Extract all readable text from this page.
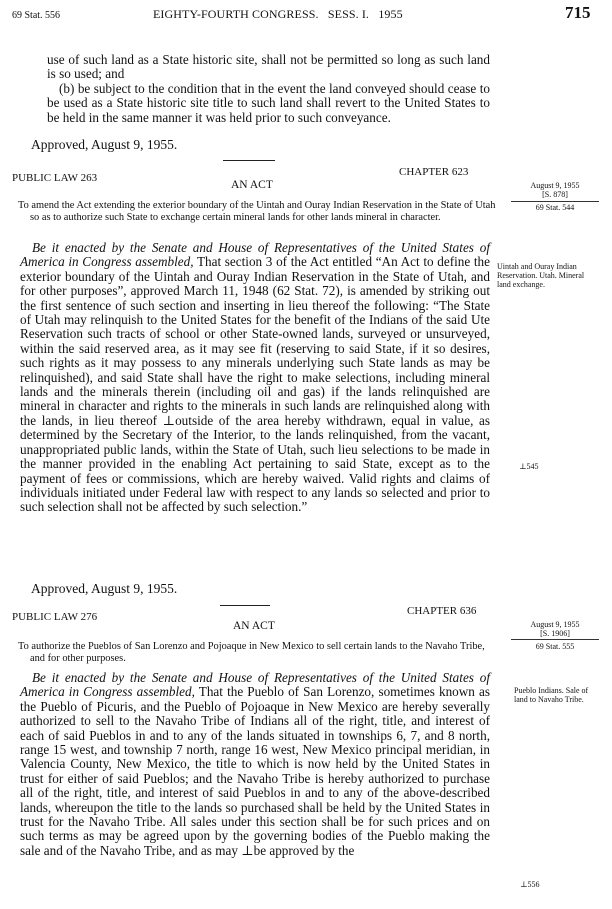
69 Stat. 556	EIGHTY-FOURTH CONGRESS.   SESS. I.   1955	715

use of such land as a State historic site, shall not be permitted so long as such land is so used; and

(b) be subject to the condition that in the event the land conveyed should cease to be used as a State historic site title to such land shall revert to the United States to be held in the same manner it was held prior to such conveyance.

Approved, August 9, 1955.
PUBLIC LAW 263	CHAPTER 623
AN ACT	August 9, 1955
[S. 878]
69 Stat. 544

To amend the Act extending the exterior boundary of the Uintah and Ouray Indian Reservation in the State of Utah so as to authorize such State to exchange certain mineral lands for other lands mineral in character.

Be it enacted by the Senate and House of Representatives of the United States of America in Congress assembled, That section 3 of the Act entitled “An Act to define the exterior boundary of the Uintah and Ouray Indian Reservation in the State of Utah, and for other purposes”, approved March 11, 1948 (62 Stat. 72), is amended by striking out the first sentence of such section and inserting in lieu thereof the following: “The State of Utah may relinquish to the United States for the benefit of the Indians of the said Ute Reservation such tracts of school or other State-owned lands, surveyed or unsurveyed, within the said reserved area, as it may see fit (reserving to said State, if it so desires, such rights as it may possess to any minerals underlying such State lands as may be relinquished), and said State shall have the right to make selections, including mineral lands and the minerals therein (including oil and gas) if the lands relinquished are mineral in character and rights to the minerals in such lands are relinquished along with the lands, in lieu thereof ⊥outside of the area hereby withdrawn, equal in value, as determined by the Secretary of the Interior, to the lands relinquished, from the vacant, unappropriated public lands, within the State of Utah, such lieu selections to be made in the manner provided in the enabling Act pertaining to said State, except as to the payment of fees or commissions, which are hereby waived. Valid rights and claims of individuals initiated under Federal law with respect to any lands so selected and prior to such selection shall not be affected by such selection.”

Uintah and Ouray Indian Reservation. Utah. Mineral land exchange.

⊥545
Approved, August 9, 1955.
PUBLIC LAW 276	CHAPTER 636
AN ACT	August 9, 1955
[S. 1906]
69 Stat. 555

To authorize the Pueblos of San Lorenzo and Pojoaque in New Mexico to sell certain lands to the Navaho Tribe, and for other purposes.

Be it enacted by the Senate and House of Representatives of the United States of America in Congress assembled, That the Pueblo of San Lorenzo, sometimes known as the Pueblo of Picuris, and the Pueblo of Pojoaque in New Mexico are hereby severally authorized to sell to the Navaho Tribe of Indians all of the right, title, and interest of each of said Pueblos in and to any of the lands situated in townships 6, 7, and 8 north, range 15 west, and township 7 north, range 16 west, New Mexico principal meridian, in Valencia County, New Mexico, the title to which is now held by the United States in trust for either of said Pueblos; and the Navaho Tribe is hereby authorized to purchase all of the right, title, and interest of said Pueblos in and to any of the above-described lands, whereupon the title to the lands so purchased shall be held by the United States in trust for the Navaho Tribe. All sales under this section shall be for such prices and on such terms as may be agreed upon by the governing bodies of the Pueblo making the sale and of the Navaho Tribe, and as may ⊥be approved by the

Pueblo Indians. Sale of land to Navaho Tribe.

⊥556
